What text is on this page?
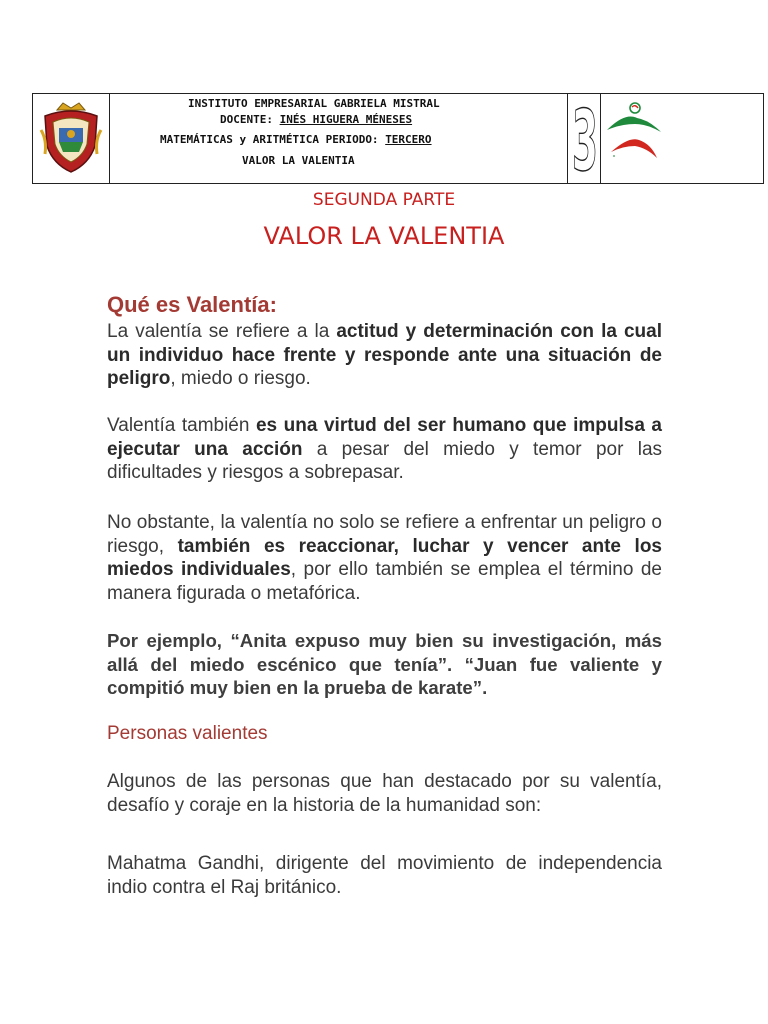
INSTITUTO EMPRESARIAL GABRIELA MISTRAL
DOCENTE: INÉS HIGUERA MÉNESES
MATEMÁTICAS y ARITMÉTICA PERIODO: TERCERO
VALOR LA VALENTIA	3
SEGUNDA PARTE
VALOR LA VALENTIA
Qué es Valentía:
La valentía se refiere a la actitud y determinación con la cual un individuo hace frente y responde ante una situación de peligro, miedo o riesgo.
Valentía también es una virtud del ser humano que impulsa a ejecutar una acción a pesar del miedo y temor por las dificultades y riesgos a sobrepasar.
No obstante, la valentía no solo se refiere a enfrentar un peligro o riesgo, también es reaccionar, luchar y vencer ante los miedos individuales, por ello también se emplea el término de manera figurada o metafórica.
Por ejemplo, “Anita expuso muy bien su investigación, más allá del miedo escénico que tenía”. “Juan fue valiente y compitió muy bien en la prueba de karate”.
Personas valientes
Algunos de las personas que han destacado por su valentía, desafío y coraje en la historia de la humanidad son:
Mahatma Gandhi, dirigente del movimiento de independencia indio contra el Raj británico.
